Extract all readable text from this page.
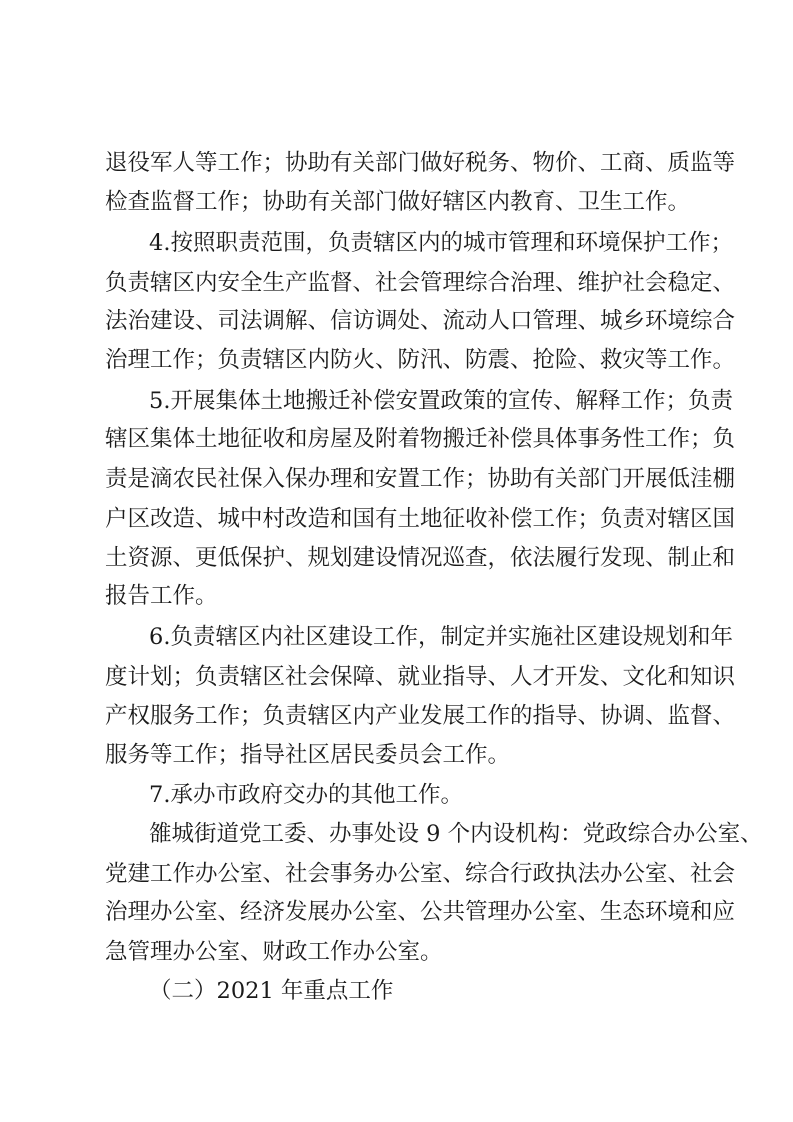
退役军人等工作；协助有关部门做好税务、物价、工商、质监等
检查监督工作；协助有关部门做好辖区内教育、卫生工作。
4.按照职责范围，负责辖区内的城市管理和环境保护工作；
负责辖区内安全生产监督、社会管理综合治理、维护社会稳定、
法治建设、司法调解、信访调处、流动人口管理、城乡环境综合
治理工作；负责辖区内防火、防汛、防震、抢险、救灾等工作。
5.开展集体土地搬迁补偿安置政策的宣传、解释工作；负责
辖区集体土地征收和房屋及附着物搬迁补偿具体事务性工作；负
责是滴农民社保入保办理和安置工作；协助有关部门开展低洼棚
户区改造、城中村改造和国有土地征收补偿工作；负责对辖区国
土资源、更低保护、规划建设情况巡查，依法履行发现、制止和
报告工作。
6.负责辖区内社区建设工作，制定并实施社区建设规划和年
度计划；负责辖区社会保障、就业指导、人才开发、文化和知识
产权服务工作；负责辖区内产业发展工作的指导、协调、监督、
服务等工作；指导社区居民委员会工作。
7.承办市政府交办的其他工作。
雒城街道党工委、办事处设 9 个内设机构：党政综合办公室、
党建工作办公室、社会事务办公室、综合行政执法办公室、社会
治理办公室、经济发展办公室、公共管理办公室、生态环境和应
急管理办公室、财政工作办公室。
（二）2021 年重点工作
